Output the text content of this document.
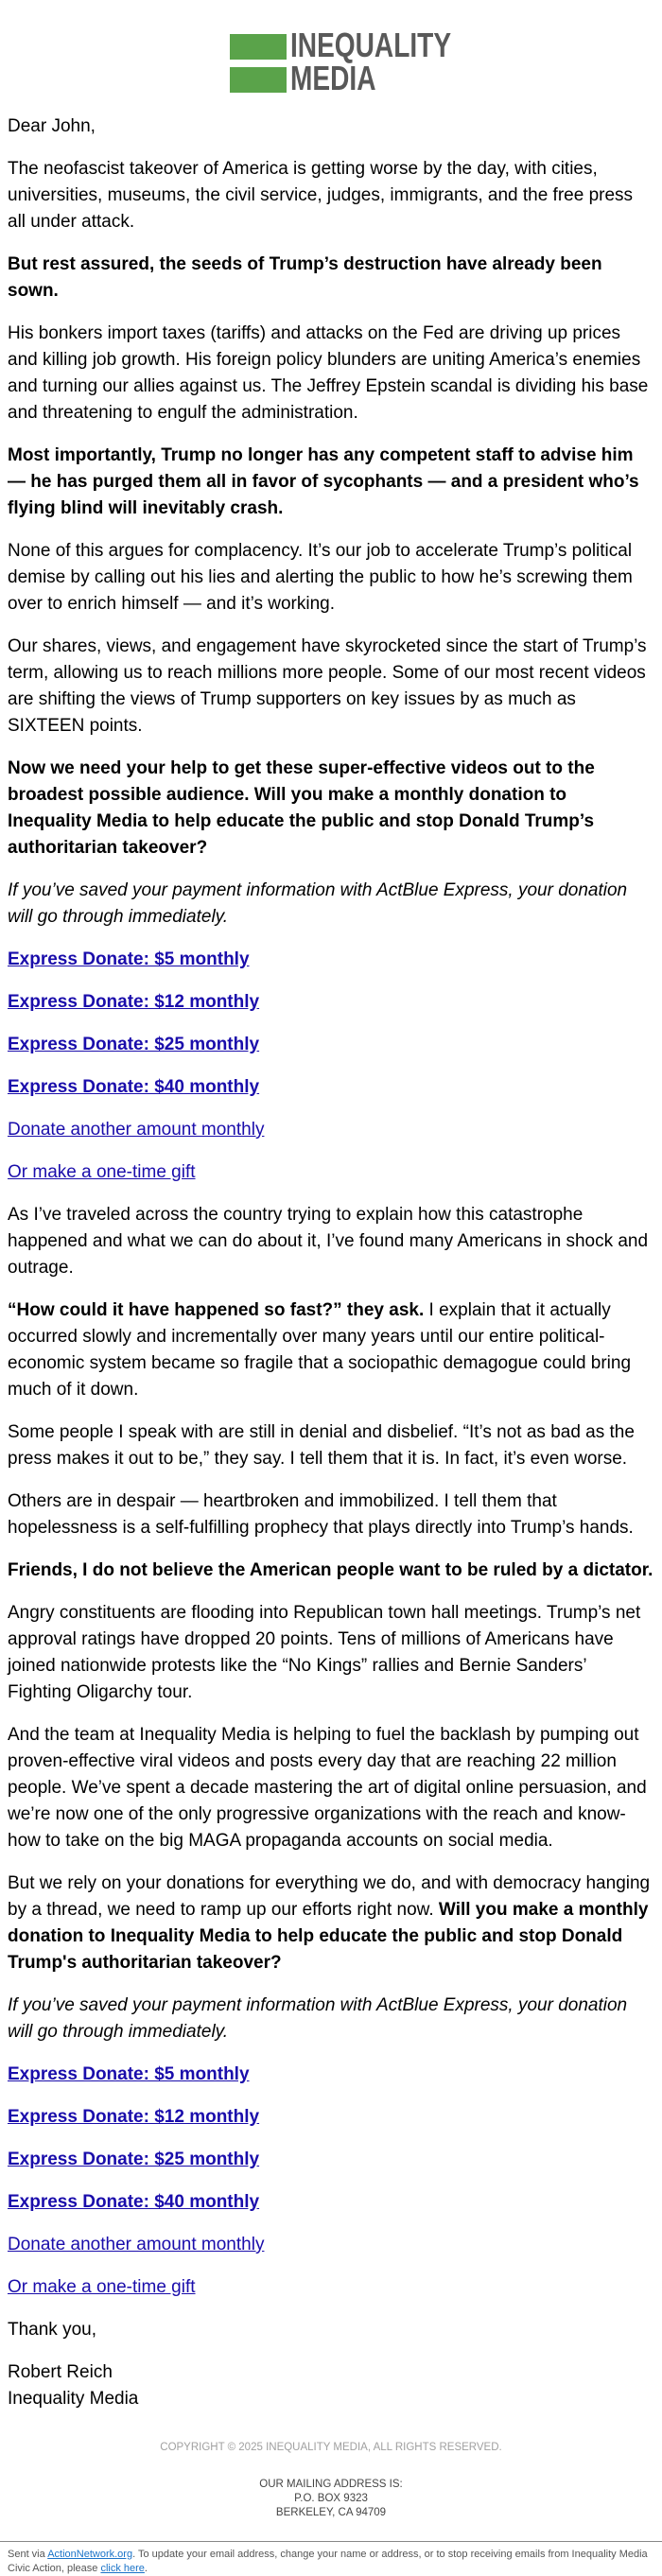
INEQUALITY
MEDIA

Dear John,

The neofascist takeover of America is getting worse by the day, with cities, universities, museums, the civil service, judges, immigrants, and the free press all under attack.

But rest assured, the seeds of Trump’s destruction have already been sown.

His bonkers import taxes (tariffs) and attacks on the Fed are driving up prices and killing job growth. His foreign policy blunders are uniting America’s enemies and turning our allies against us. The Jeffrey Epstein scandal is dividing his base and threatening to engulf the administration.

Most importantly, Trump no longer has any competent staff to advise him — he has purged them all in favor of sycophants — and a president who’s flying blind will inevitably crash.

None of this argues for complacency. It’s our job to accelerate Trump’s political demise by calling out his lies and alerting the public to how he’s screwing them over to enrich himself — and it’s working.

Our shares, views, and engagement have skyrocketed since the start of Trump’s term, allowing us to reach millions more people. Some of our most recent videos are shifting the views of Trump supporters on key issues by as much as SIXTEEN points.

Now we need your help to get these super-effective videos out to the broadest possible audience. Will you make a monthly donation to Inequality Media to help educate the public and stop Donald Trump’s authoritarian takeover?

If you’ve saved your payment information with ActBlue Express, your donation will go through immediately.

Express Donate: $5 monthly

Express Donate: $12 monthly

Express Donate: $25 monthly

Express Donate: $40 monthly

Donate another amount monthly

Or make a one-time gift

As I’ve traveled across the country trying to explain how this catastrophe happened and what we can do about it, I’ve found many Americans in shock and outrage.

“How could it have happened so fast?” they ask. I explain that it actually occurred slowly and incrementally over many years until our entire political-economic system became so fragile that a sociopathic demagogue could bring much of it down.

Some people I speak with are still in denial and disbelief. “It’s not as bad as the press makes it out to be,” they say. I tell them that it is. In fact, it’s even worse.

Others are in despair — heartbroken and immobilized. I tell them that hopelessness is a self-fulfilling prophecy that plays directly into Trump’s hands.

Friends, I do not believe the American people want to be ruled by a dictator.

Angry constituents are flooding into Republican town hall meetings. Trump’s net approval ratings have dropped 20 points. Tens of millions of Americans have joined nationwide protests like the “No Kings” rallies and Bernie Sanders’ Fighting Oligarchy tour.

And the team at Inequality Media is helping to fuel the backlash by pumping out proven-effective viral videos and posts every day that are reaching 22 million people. We’ve spent a decade mastering the art of digital online persuasion, and we’re now one of the only progressive organizations with the reach and know-how to take on the big MAGA propaganda accounts on social media.

But we rely on your donations for everything we do, and with democracy hanging by a thread, we need to ramp up our efforts right now. Will you make a monthly donation to Inequality Media to help educate the public and stop Donald Trump's authoritarian takeover?

If you’ve saved your payment information with ActBlue Express, your donation will go through immediately.

Express Donate: $5 monthly

Express Donate: $12 monthly

Express Donate: $25 monthly

Express Donate: $40 monthly

Donate another amount monthly

Or make a one-time gift

Thank you,

Robert Reich
Inequality Media

COPYRIGHT © 2025 INEQUALITY MEDIA, ALL RIGHTS RESERVED.
OUR MAILING ADDRESS IS:
P.O. BOX 9323
BERKELEY, CA 94709
Sent via ActionNetwork.org. To update your email address, change your name or address, or to stop receiving emails from Inequality Media Civic Action, please click here.
